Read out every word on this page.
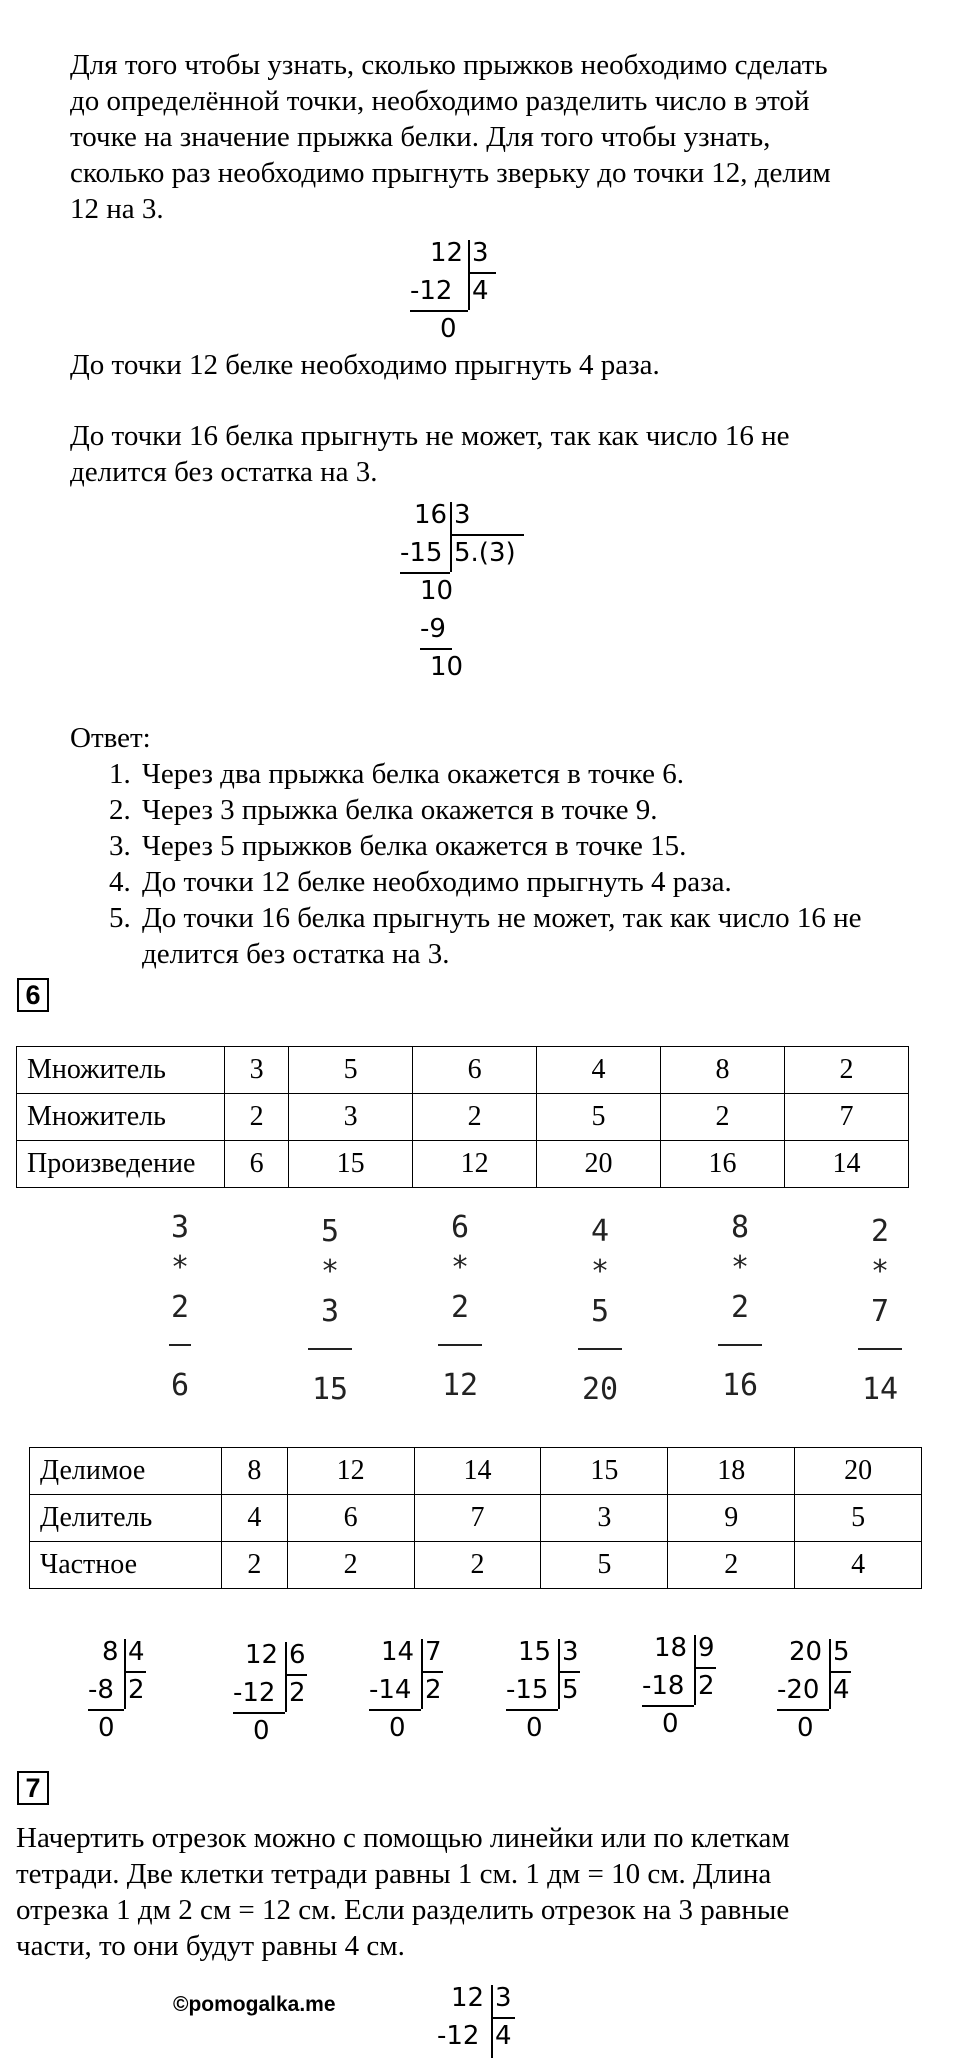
Для того чтобы узнать, сколько прыжков необходимо сделать

до определённой точки, необходимо разделить число в этой

точке на значение прыжка белки. Для того чтобы узнать,

сколько раз необходимо прыгнуть зверьку до точки 12, делим

12 на 3.

12 3
-12 4
0

До точки 12 белке необходимо прыгнуть 4 раза.

До точки 16 белка прыгнуть не может, так как число 16 не

делится без остатка на 3.

16 3
-15 5.(3)
10
-9
10

Ответ:

1. Через два прыжка белка окажется в точке 6.
2. Через 3 прыжка белка окажется в точке 9.
3. Через 5 прыжков белка окажется в точке 15.
4. До точки 12 белке необходимо прыгнуть 4 раза.
5. До точки 16 белка прыгнуть не может, так как число 16 не делится без остатка на 3.
6
Множитель	3	5	6	4	8	2
Множитель	2	3	2	5	2	7
Произведение	6	15	12	20	16	14
3
*
2
6
5
*
3
15
6
*
2
12
4
*
5
20
8
*
2
16
2
*
7
14
Делимое	8	12	14	15	18	20
Делитель	4	6	7	3	9	5
Частное	2	2	2	5	2	4
8 4
-8 2
0
12 6
-12 2
0
14 7
-14 2
0
15 3
-15 5
0
18 9
-18 2
0
20 5
-20 4
0
7

Начертить отрезок можно с помощью линейки или по клеткам

тетради. Две клетки тетради равны 1 см. 1 дм = 10 см. Длина

отрезка 1 дм 2 см = 12 см. Если разделить отрезок на 3 равные

части, то они будут равны 4 см.

©pomogalka.me	12 3
-12 4
